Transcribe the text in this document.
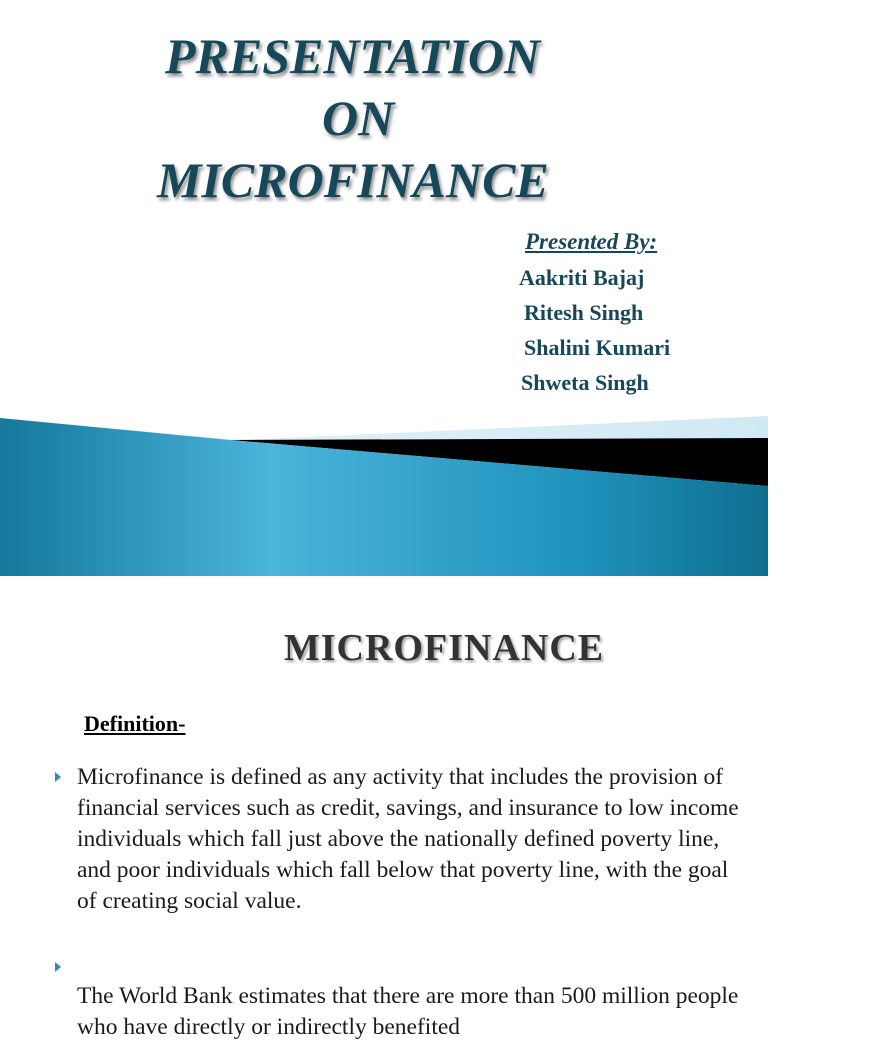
PRESENTATION
ON
MICROFINANCE
Presented By:
Aakriti Bajaj
Ritesh Singh
Shalini Kumari
Shweta Singh
MICROFINANCE
Definition-
Microfinance is defined as any activity that includes the provision of financial services such as credit, savings, and insurance to low income individuals which fall just above the nationally defined poverty line, and poor individuals which fall below that poverty line, with the goal of creating social value.
The World Bank estimates that there are more than 500 million people who have directly or indirectly benefited
